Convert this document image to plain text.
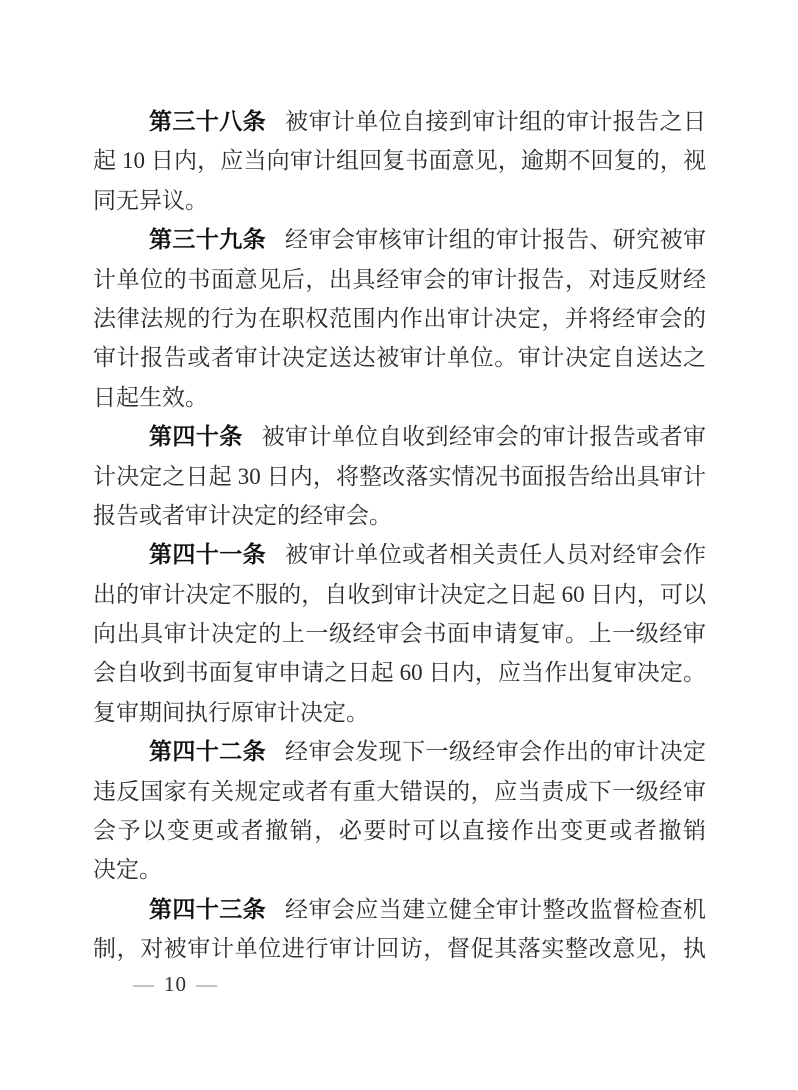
第三十八条 被审计单位自接到审计组的审计报告之日
起 10 日内，应当向审计组回复书面意见，逾期不回复的，视
同无异议。
第三十九条 经审会审核审计组的审计报告、研究被审
计单位的书面意见后，出具经审会的审计报告，对违反财经
法律法规的行为在职权范围内作出审计决定，并将经审会的
审计报告或者审计决定送达被审计单位。审计决定自送达之
日起生效。
第四十条 被审计单位自收到经审会的审计报告或者审
计决定之日起 30 日内，将整改落实情况书面报告给出具审计
报告或者审计决定的经审会。
第四十一条 被审计单位或者相关责任人员对经审会作
出的审计决定不服的，自收到审计决定之日起 60 日内，可以
向出具审计决定的上一级经审会书面申请复审。上一级经审
会自收到书面复审申请之日起 60 日内，应当作出复审决定。
复审期间执行原审计决定。
第四十二条 经审会发现下一级经审会作出的审计决定
违反国家有关规定或者有重大错误的，应当责成下一级经审
会予以变更或者撤销，必要时可以直接作出变更或者撤销
决定。
第四十三条 经审会应当建立健全审计整改监督检查机
制，对被审计单位进行审计回访，督促其落实整改意见，执
— 10 —
